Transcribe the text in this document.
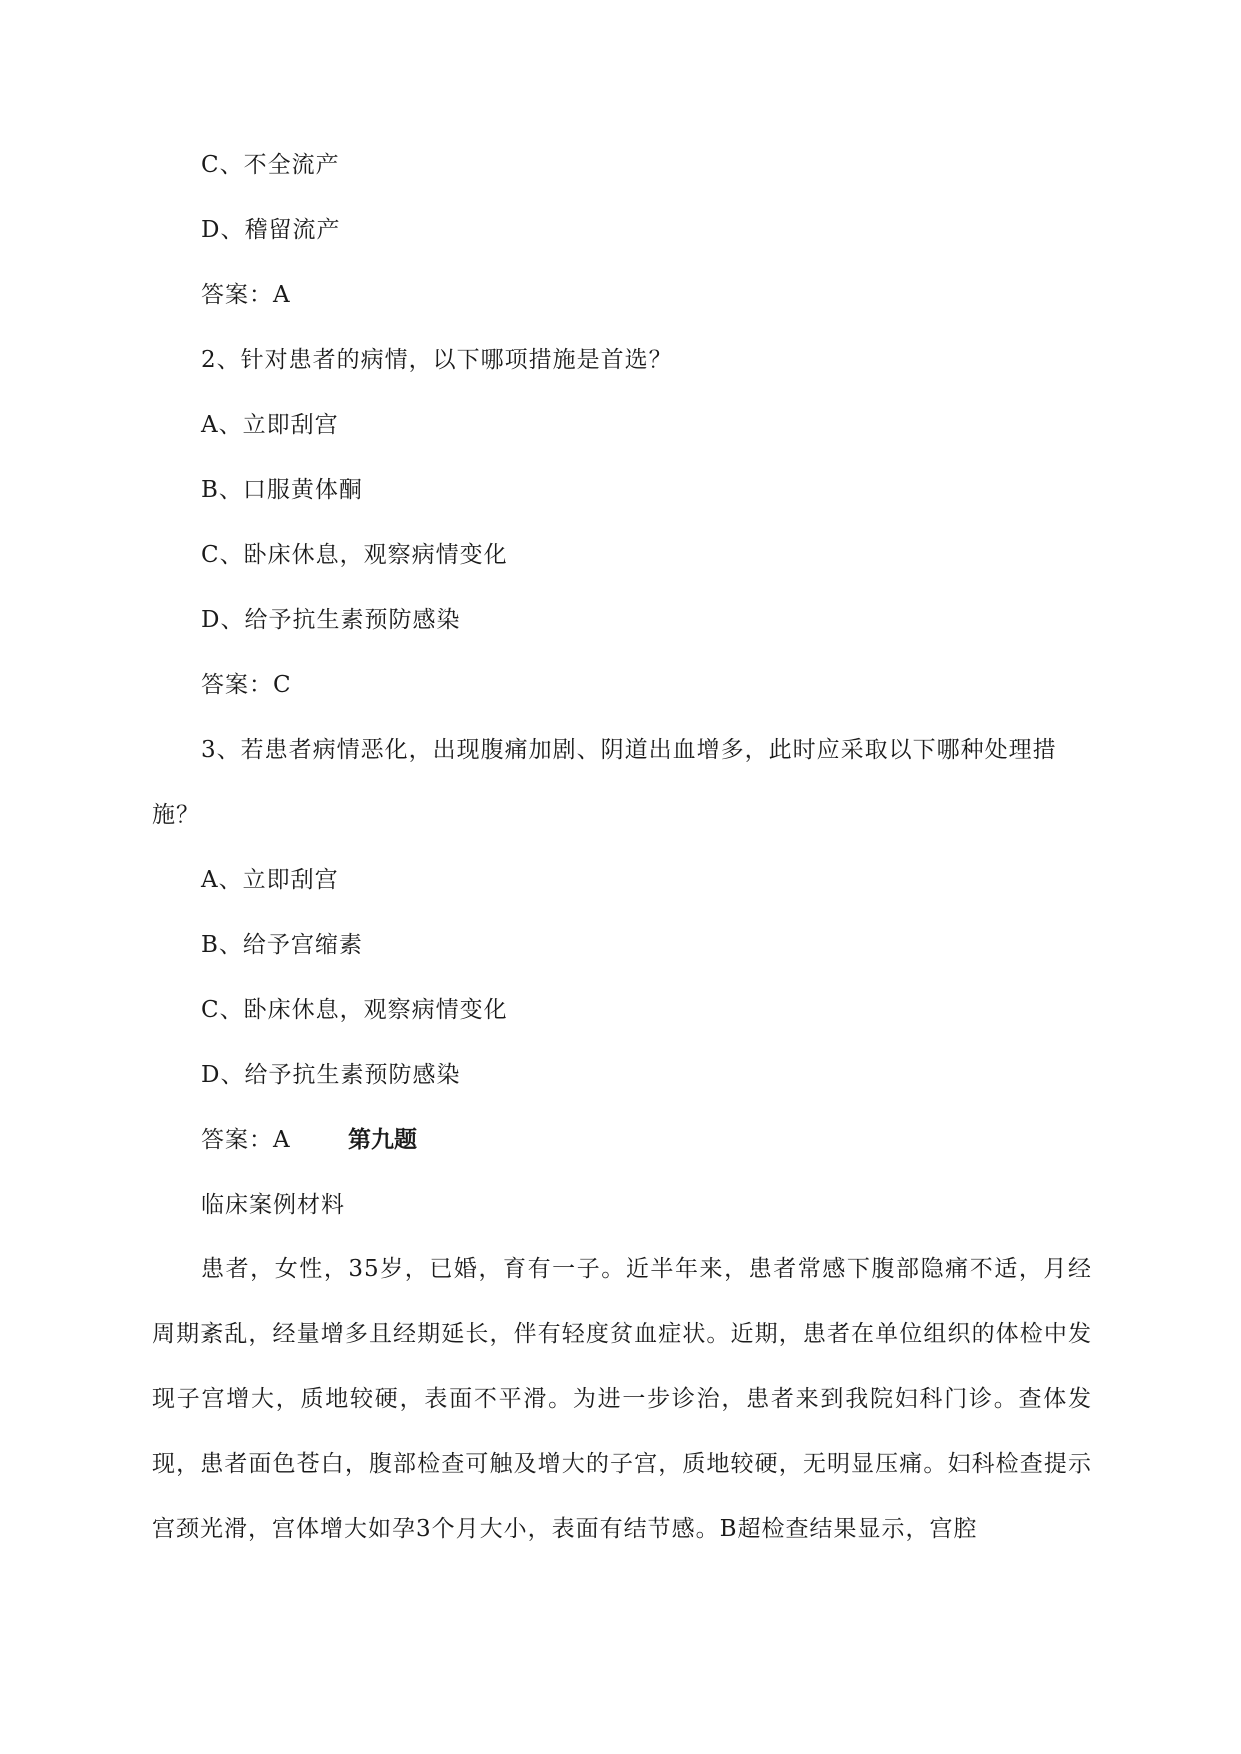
C、不全流产
D、稽留流产
答案：A
2、针对患者的病情，以下哪项措施是首选？
A、立即刮宫
B、口服黄体酮
C、卧床休息，观察病情变化
D、给予抗生素预防感染
答案：C
3、若患者病情恶化，出现腹痛加剧、阴道出血增多，此时应采取以下哪种处理措
施？
A、立即刮宫
B、给予宫缩素
C、卧床休息，观察病情变化
D、给予抗生素预防感染
答案：A 第九题
临床案例材料

患者，女性，35岁，已婚，育有一子。近半年来，患者常感下腹部隐痛不适，月经周期紊乱，经量增多且经期延长，伴有轻度贫血症状。近期，患者在单位组织的体检中发现子宫增大，质地较硬，表面不平滑。为进一步诊治，患者来到我院妇科门诊。查体发现，患者面色苍白，腹部检查可触及增大的子宫，质地较硬，无明显压痛。妇科检查提示宫颈光滑，宫体增大如孕3个月大小，表面有结节感。B超检查结果显示，宫腔
